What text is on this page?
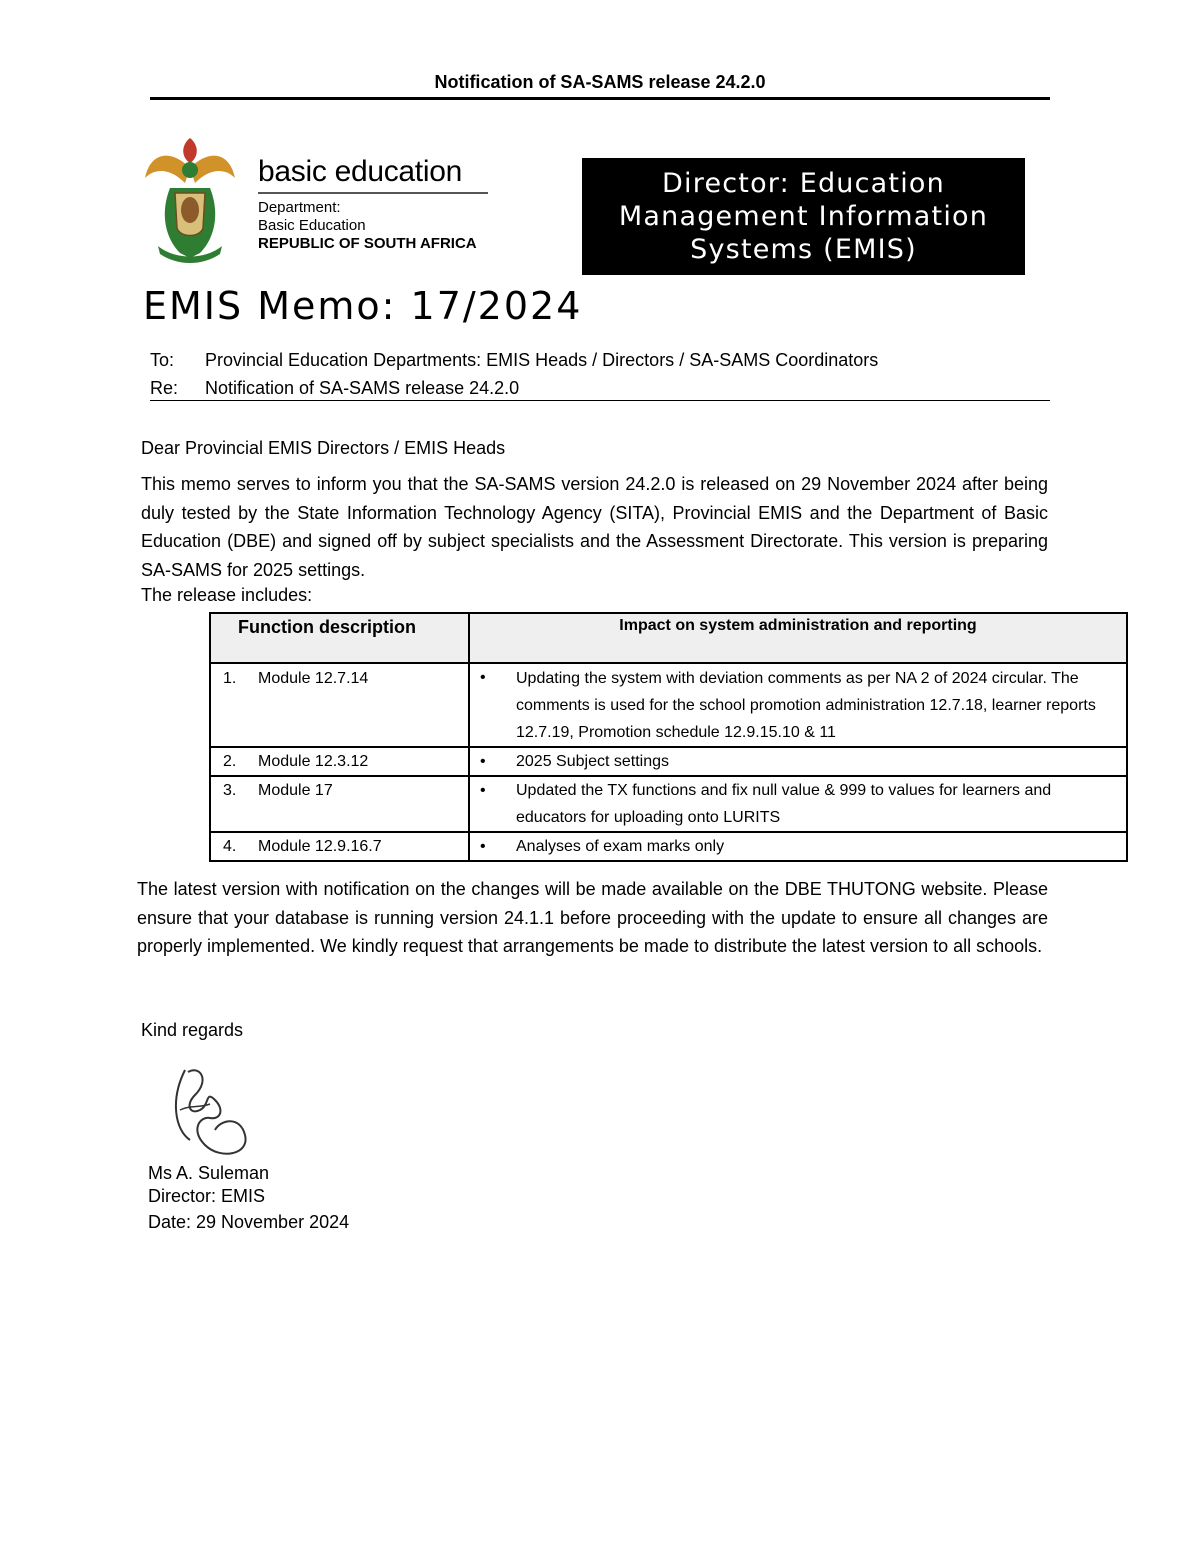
Notification of SA-SAMS release 24.2.0
basic education
Department:
Basic Education
REPUBLIC OF SOUTH AFRICA
Director: Education Management Information Systems (EMIS)
EMIS Memo: 17/2024
To: Provincial Education Departments: EMIS Heads / Directors / SA-SAMS Coordinators
Re: Notification of SA-SAMS release 24.2.0
Dear Provincial EMIS Directors / EMIS Heads
This memo serves to inform you that the SA-SAMS version 24.2.0 is released on 29 November 2024 after being duly tested by the State Information Technology Agency (SITA), Provincial EMIS and the Department of Basic Education (DBE) and signed off by subject specialists and the Assessment Directorate. This version is preparing SA-SAMS for 2025 settings.
The release includes:
Function description	Impact on system administration and reporting
1. Module 12.7.14	• Updating the system with deviation comments as per NA 2 of 2024 circular. The comments is used for the school promotion administration 12.7.18, learner reports 12.7.19, Promotion schedule 12.9.15.10 & 11
2. Module 12.3.12	• 2025 Subject settings
3. Module 17	• Updated the TX functions and fix null value & 999 to values for learners and educators for uploading onto LURITS
4. Module 12.9.16.7	• Analyses of exam marks only
The latest version with notification on the changes will be made available on the DBE THUTONG website. Please ensure that your database is running version 24.1.1 before proceeding with the update to ensure all changes are properly implemented. We kindly request that arrangements be made to distribute the latest version to all schools.
Kind regards
Ms A. Suleman
Director: EMIS
Date: 29 November 2024
